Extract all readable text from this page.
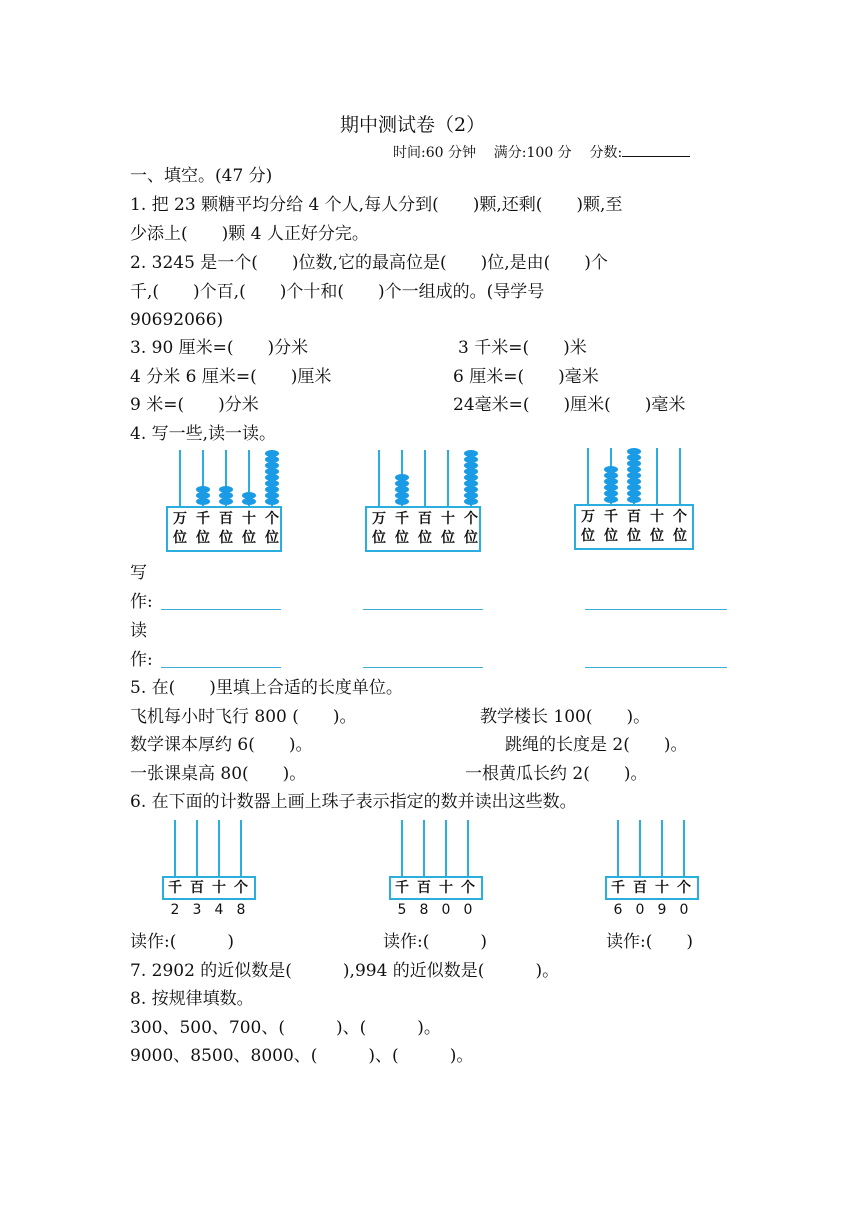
期中测试卷（2）
时间:60 分钟 满分:100 分 分数:
一、填空。(47 分)
1. 把 23 颗糖平均分给 4 个人,每人分到(　　)颗,还剩(　　)颗,至
少添上(　　)颗 4 人正好分完。
2. 3245 是一个(　　)位数,它的最高位是(　　)位,是由(　　)个
千,(　　)个百,(　　)个十和(　　)个一组成的。(导学号
90692066)
3. 90 厘米=(　　)分米	3 千米=(　　)米
4 分米 6 厘米=(　　)厘米	6 厘米=(　　)毫米
9 米=(　　)分米	24毫米=(　　)厘米(　　)毫米
4. 写一些,读一读。
万
位
千
位
百
位
十
位
个
位
万
位
千
位
百
位
十
位
个
位
万
位
千
位
百
位
十
位
个
位
写
作:
读
作:
5. 在(　　)里填上合适的长度单位。
飞机每小时飞行 800 (　　)。	教学楼长 100(　　)。
数学课本厚约 6(　　)。	跳绳的长度是 2(　　)。
一张课桌高 80(　　)。	一根黄瓜长约 2(　　)。
6. 在下面的计数器上画上珠子表示指定的数并读出这些数。
千
2
百
3
十
4
个
8
千
5
百
8
十
0
个
0
千
6
百
0
十
9
个
0
读作:(　　　)	读作:(　　　)	读作:(　　)
7. 2902 的近似数是(　　　),994 的近似数是(　　　)。
8. 按规律填数。
300、500、700、(　　　)、(　　　)。
9000、8500、8000、(　　　)、(　　　)。
